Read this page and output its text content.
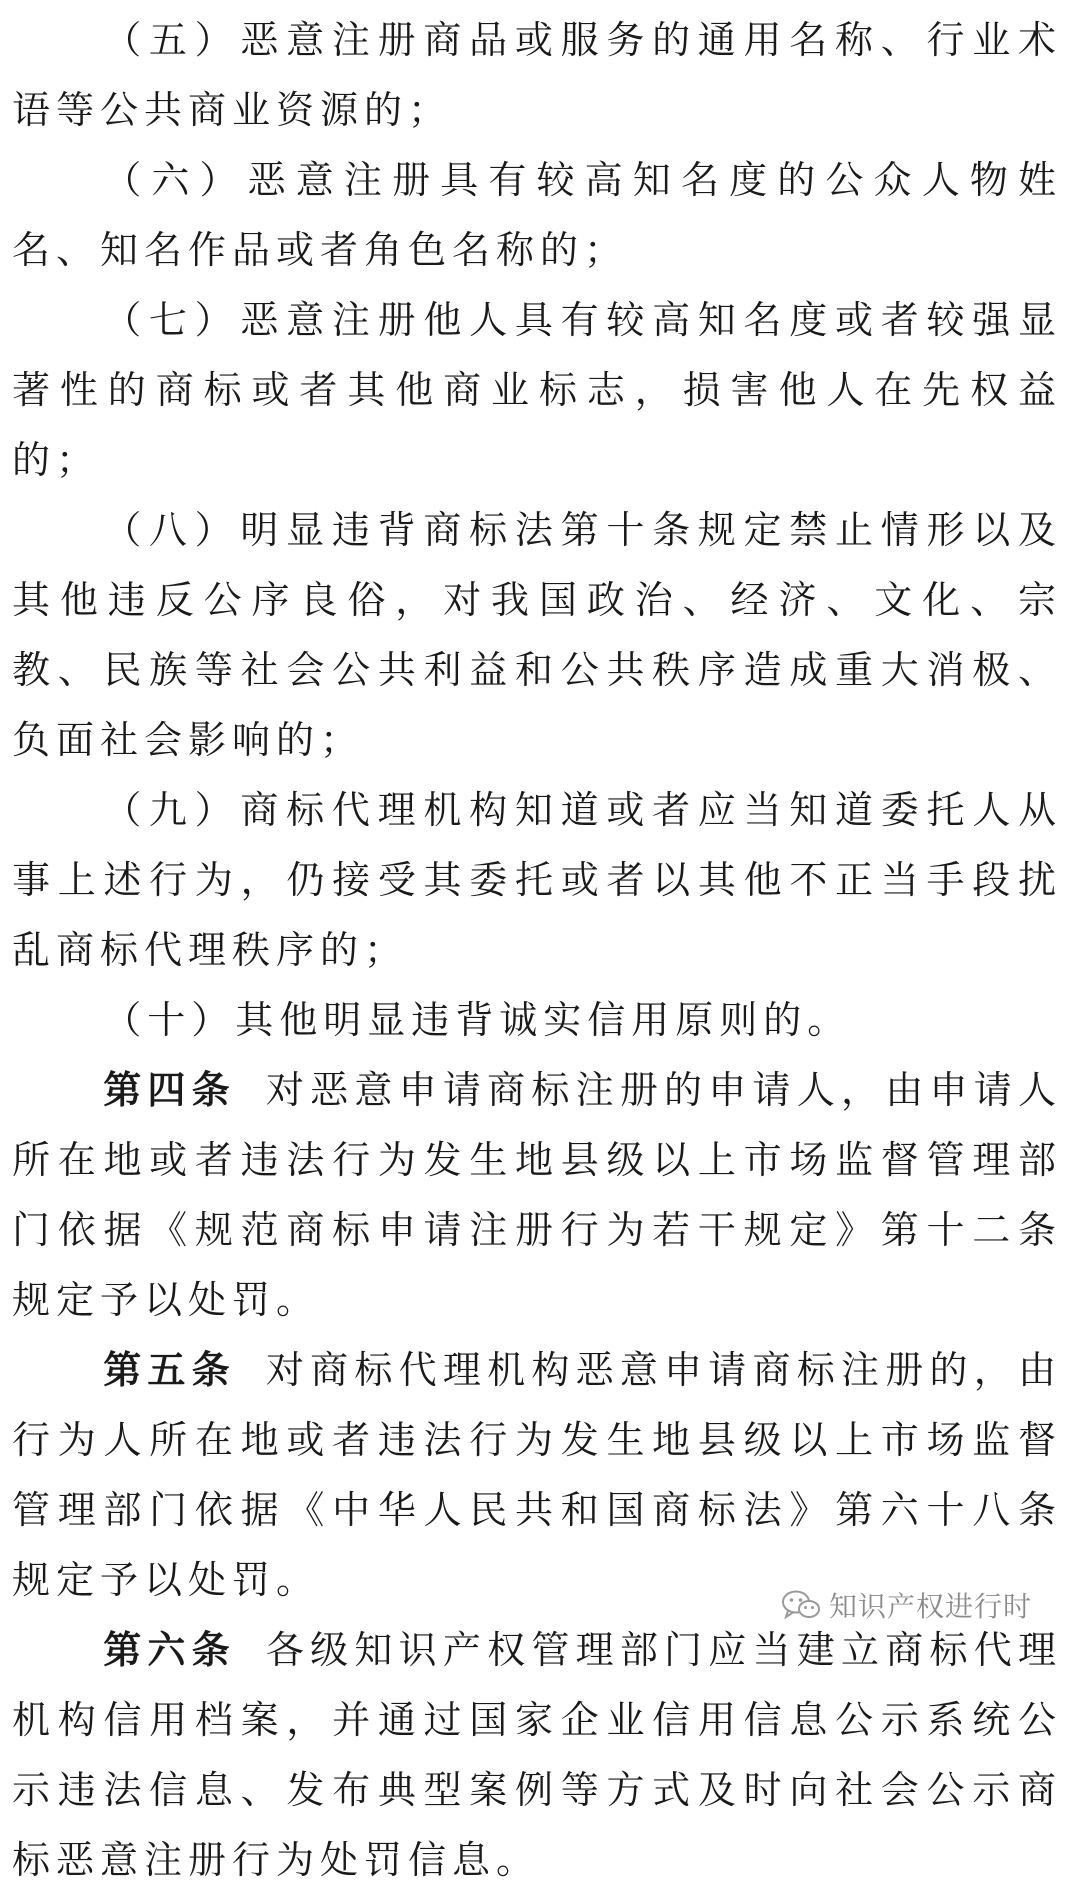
（五）恶意注册商品或服务的通用名称、行业术语等公共商业资源的；

（六）恶意注册具有较高知名度的公众人物姓名、知名作品或者角色名称的；

（七）恶意注册他人具有较高知名度或者较强显著性的商标或者其他商业标志，损害他人在先权益的；

（八）明显违背商标法第十条规定禁止情形以及其他违反公序良俗，对我国政治、经济、文化、宗教、民族等社会公共利益和公共秩序造成重大消极、负面社会影响的；

（九）商标代理机构知道或者应当知道委托人从事上述行为，仍接受其委托或者以其他不正当手段扰乱商标代理秩序的；

（十）其他明显违背诚实信用原则的。

第四条 对恶意申请商标注册的申请人，由申请人所在地或者违法行为发生地县级以上市场监督管理部门依据《规范商标申请注册行为若干规定》第十二条规定予以处罚。

第五条 对商标代理机构恶意申请商标注册的，由行为人所在地或者违法行为发生地县级以上市场监督管理部门依据《中华人民共和国商标法》第六十八条规定予以处罚。

第六条 各级知识产权管理部门应当建立商标代理机构信用档案，并通过国家企业信用信息公示系统公示违法信息、发布典型案例等方式及时向社会公示商标恶意注册行为处罚信息。

知识产权进行时
